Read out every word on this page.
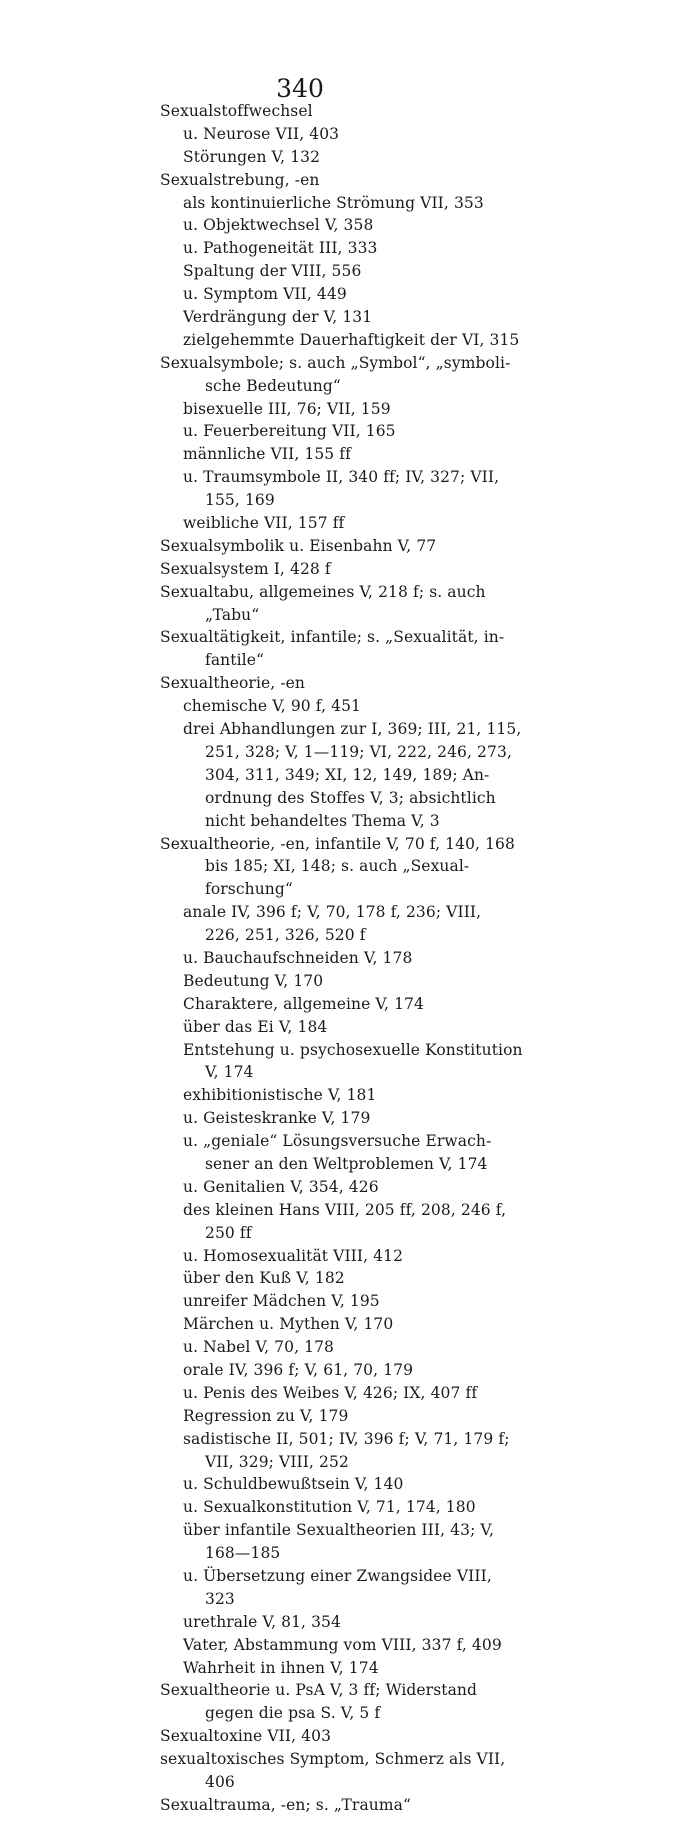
340
Sexualstoffwechsel
u. Neurose VII, 403
Störungen V, 132
Sexualstrebung, -en
als kontinuierliche Strömung VII, 353
u. Objektwechsel V, 358
u. Pathogeneität III, 333
Spaltung der VIII, 556
u. Symptom VII, 449
Verdrängung der V, 131
zielgehemmte Dauerhaftigkeit der VI, 315
Sexualsymbole; s. auch „Symbol“, „symboli-
sche Bedeutung“
bisexuelle III, 76; VII, 159
u. Feuerbereitung VII, 165
männliche VII, 155 ff
u. Traumsymbole II, 340 ff; IV, 327; VII,
155, 169
weibliche VII, 157 ff
Sexualsymbolik u. Eisenbahn V, 77
Sexualsystem I, 428 f
Sexualtabu, allgemeines V, 218 f; s. auch
„Tabu“
Sexualtätigkeit, infantile; s. „Sexualität, in-
fantile“
Sexualtheorie, -en
chemische V, 90 f, 451
drei Abhandlungen zur I, 369; III, 21, 115,
251, 328; V, 1—119; VI, 222, 246, 273,
304, 311, 349; XI, 12, 149, 189; An-
ordnung des Stoffes V, 3; absichtlich
nicht behandeltes Thema V, 3
Sexualtheorie, -en, infantile V, 70 f, 140, 168
bis 185; XI, 148; s. auch „Sexual-
forschung“
anale IV, 396 f; V, 70, 178 f, 236; VIII,
226, 251, 326, 520 f
u. Bauchaufschneiden V, 178
Bedeutung V, 170
Charaktere, allgemeine V, 174
über das Ei V, 184
Entstehung u. psychosexuelle Konstitution
V, 174
exhibitionistische V, 181
u. Geisteskranke V, 179
u. „geniale“ Lösungsversuche Erwach-
sener an den Weltproblemen V, 174
u. Genitalien V, 354, 426
des kleinen Hans VIII, 205 ff, 208, 246 f,
250 ff
u. Homosexualität VIII, 412
über den Kuß V, 182
unreifer Mädchen V, 195
Märchen u. Mythen V, 170
u. Nabel V, 70, 178
orale IV, 396 f; V, 61, 70, 179
u. Penis des Weibes V, 426; IX, 407 ff
Regression zu V, 179
sadistische II, 501; IV, 396 f; V, 71, 179 f;
VII, 329; VIII, 252
u. Schuldbewußtsein V, 140
u. Sexualkonstitution V, 71, 174, 180
über infantile Sexualtheorien III, 43; V,
168—185
u. Übersetzung einer Zwangsidee VIII,
323
urethrale V, 81, 354
Vater, Abstammung vom VIII, 337 f, 409
Wahrheit in ihnen V, 174
Sexualtheorie u. PsA V, 3 ff; Widerstand
gegen die psa S. V, 5 f
Sexualtoxine VII, 403
sexualtoxisches Symptom, Schmerz als VII,
406
Sexualtrauma, -en; s. „Trauma“
